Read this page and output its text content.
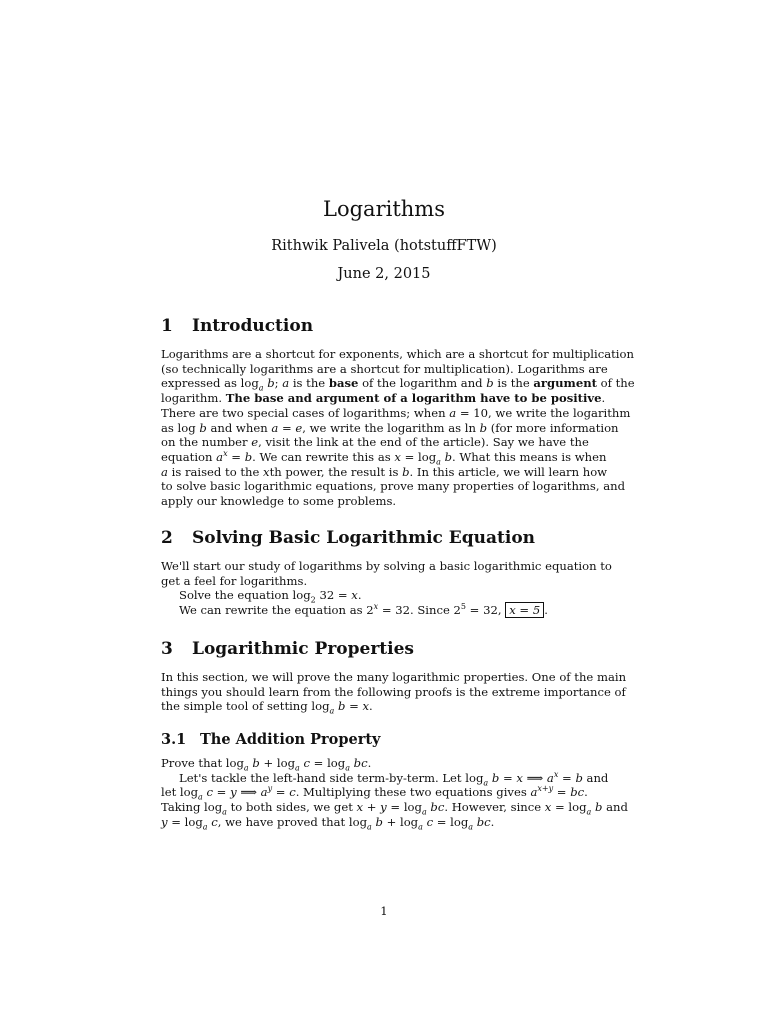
Logarithms
Rithwik Palivela (hotstuffFTW)
June 2, 2015
1 Introduction
Logarithms are a shortcut for exponents, which are a shortcut for multiplication
(so technically logarithms are a shortcut for multiplication). Logarithms are
expressed as $\log_a b$; a is the base of the logarithm and b is the argument of the
logarithm. The base and argument of a logarithm have to be positive.
There are two special cases of logarithms; when a = 10, we write the logarithm
as log b and when a = e, we write the logarithm as ln b (for more information
on the number e, visit the link at the end of the article). Say we have the
equation $a^x = b$. We can rewrite this as $x = \log_a b$. What this means is when
a is raised to the xth power, the result is b. In this article, we will learn how
to solve basic logarithmic equations, prove many properties of logarithms, and
apply our knowledge to some problems.
2 Solving Basic Logarithmic Equation
We'll start our study of logarithms by solving a basic logarithmic equation to
get a feel for logarithms.
Solve the equation $\log_2 32 = x$.
We can rewrite the equation as $2^x = 32$. Since $2^5 = 32$, x = 5 .
3 Logarithmic Properties
In this section, we will prove the many logarithmic properties. One of the main
things you should learn from the following proofs is the extreme importance of
the simple tool of setting $\log_a b = x$.
3.1 The Addition Property
Prove that $\log_a b + \log_a c = \log_a$ bc.
Let's tackle the left-hand side term-by-term. Let $\log_a b = x$ ⟹ $a^x = b$ and
let $\log_a c = y$ ⟹ $a^y = c$. Multiplying these two equations gives $a^{x+y}$ = bc.
Taking $\log_a$ to both sides, we get $x + y = \log_a$ bc. However, since $x = \log_a b$ and
$y = \log_a c$, we have proved that $\log_a b + \log_a c = \log_a$ bc.
1
